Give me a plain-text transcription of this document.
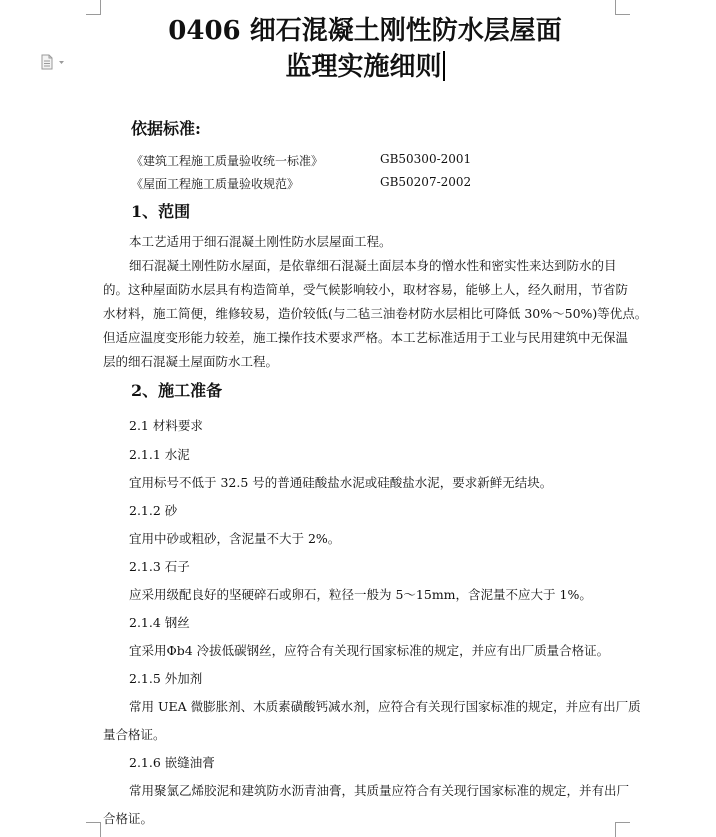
0406 细石混凝土刚性防水层屋面
监理实施细则
依据标准:
《建筑工程施工质量验收统一标准》	GB50300-2001
《屋面工程施工质量验收规范》	GB50207-2002
1、范围
本工艺适用于细石混凝土刚性防水层屋面工程。
细石混凝土刚性防水屋面，是依靠细石混凝土面层本身的憎水性和密实性来达到防水的目
的。这种屋面防水层具有构造简单，受气候影响较小，取材容易，能够上人，经久耐用，节省防
水材料，施工简便，维修较易，造价较低(与二毡三油卷材防水层相比可降低 30%～50%)等优点。
但适应温度变形能力较差，施工操作技术要求严格。本工艺标准适用于工业与民用建筑中无保温
层的细石混凝土屋面防水工程。
2、施工准备
2.1 材料要求
2.1.1 水泥
宜用标号不低于 32.5 号的普通硅酸盐水泥或硅酸盐水泥，要求新鲜无结块。
2.1.2 砂
宜用中砂或粗砂，含泥量不大于 2%。
2.1.3 石子
应采用级配良好的坚硬碎石或卵石，粒径一般为 5～15mm，含泥量不应大于 1%。
2.1.4 钢丝
宜采用Φb4 冷拔低碳钢丝，应符合有关现行国家标准的规定，并应有出厂质量合格证。
2.1.5 外加剂
常用 UEA 微膨胀剂、木质素磺酸钙减水剂，应符合有关现行国家标准的规定，并应有出厂质
量合格证。
2.1.6 嵌缝油膏
常用聚氯乙烯胶泥和建筑防水沥青油膏，其质量应符合有关现行国家标准的规定，并有出厂
合格证。
